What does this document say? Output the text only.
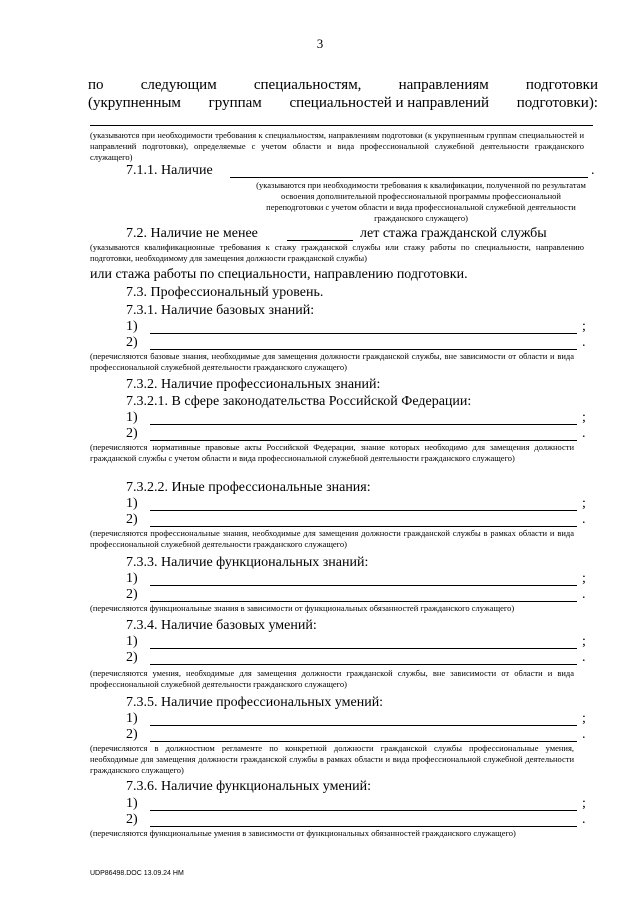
3
по следующим специальностям, направлениям подготовки
(укрупненным группам специальностей и направлений подготовки):
(указываются при необходимости требования к специальностям, направлениям подготовки (к укрупненным группам специальностей и направлений подготовки), определяемые с учетом области и вида профессиональной служебной деятельности гражданского служащего)
7.1.1. Наличие	.
(указываются при необходимости требования к квалификации, полученной по результатам освоения дополнительной профессиональной программы профессиональной переподготовки с учетом области и вида профессиональной служебной деятельности гражданского служащего)
7.2. Наличие не менее	лет стажа гражданской службы
(указываются квалификационные требования к стажу гражданской службы или стажу работы по специальности, направлению подготовки, необходимому для замещения должности гражданской службы)
или стажа работы по специальности, направлению подготовки.
7.3. Профессиональный уровень.
7.3.1. Наличие базовых знаний:
1)	;
2)	.
(перечисляются базовые знания, необходимые для замещения должности гражданской службы, вне зависимости от области и вида профессиональной служебной деятельности гражданского служащего)
7.3.2. Наличие профессиональных знаний:
7.3.2.1. В сфере законодательства Российской Федерации:
1)	;
2)	.
(перечисляются нормативные правовые акты Российской Федерации, знание которых необходимо для замещения должности гражданской службы с учетом области и вида профессиональной служебной деятельности гражданского служащего)
7.3.2.2. Иные профессиональные знания:
1)	;
2)	.
(перечисляются профессиональные знания, необходимые для замещения должности гражданской службы в рамках области и вида профессиональной служебной деятельности гражданского служащего)
7.3.3. Наличие функциональных знаний:
1)	;
2)	.
(перечисляются функциональные знания в зависимости от функциональных обязанностей гражданского служащего)
7.3.4. Наличие базовых умений:
1)	;
2)	.
(перечисляются умения, необходимые для замещения должности гражданской службы, вне зависимости от области и вида профессиональной служебной деятельности гражданского служащего)
7.3.5. Наличие профессиональных умений:
1)	;
2)	.
(перечисляются в должностном регламенте по конкретной должности гражданской службы профессиональные умения, необходимые для замещения должности гражданской службы в рамках области и вида профессиональной служебной деятельности гражданского служащего)
7.3.6. Наличие функциональных умений:
1)	;
2)	.
(перечисляются функциональные умения в зависимости от функциональных обязанностей гражданского служащего)
UDP86498.DOC 13.09.24 HM
